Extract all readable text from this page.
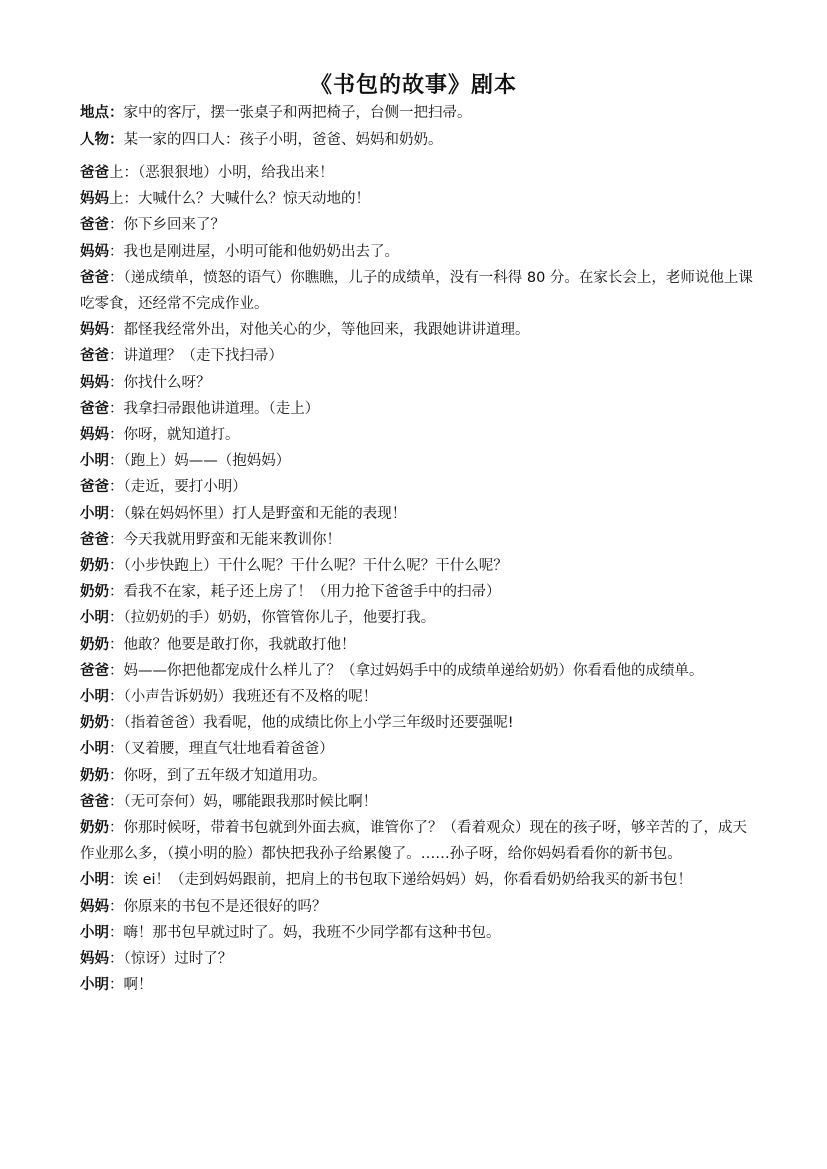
《书包的故事》剧本
地点：家中的客厅，摆一张桌子和两把椅子，台侧一把扫帚。
人物：某一家的四口人：孩子小明，爸爸、妈妈和奶奶。

爸爸上：（恶狠狠地）小明，给我出来！

妈妈上：大喊什么？大喊什么？惊天动地的！

爸爸：你下乡回来了？

妈妈：我也是刚进屋，小明可能和他奶奶出去了。

爸爸：（递成绩单，愤怒的语气）你瞧瞧，儿子的成绩单，没有一科得 80 分。在家长会上，老师说他上课吃零食，还经常不完成作业。

妈妈：都怪我经常外出，对他关心的少，等他回来，我跟她讲讲道理。

爸爸：讲道理？（走下找扫帚）

妈妈：你找什么呀？

爸爸：我拿扫帚跟他讲道理。（走上）

妈妈：你呀，就知道打。

小明：（跑上）妈——（抱妈妈）

爸爸：（走近，要打小明）

小明：（躲在妈妈怀里）打人是野蛮和无能的表现！

爸爸：今天我就用野蛮和无能来教训你！

奶奶：（小步快跑上）干什么呢？干什么呢？干什么呢？干什么呢？

奶奶：看我不在家，耗子还上房了！（用力抢下爸爸手中的扫帚）

小明：（拉奶奶的手）奶奶，你管管你儿子，他要打我。

奶奶：他敢？他要是敢打你，我就敢打他！

爸爸：妈——你把他都宠成什么样儿了？（拿过妈妈手中的成绩单递给奶奶）你看看他的成绩单。

小明：（小声告诉奶奶）我班还有不及格的呢！

奶奶：（指着爸爸）我看呢，他的成绩比你上小学三年级时还要强呢!

小明：（叉着腰，理直气壮地看着爸爸）

奶奶：你呀，到了五年级才知道用功。

爸爸：（无可奈何）妈，哪能跟我那时候比啊！

奶奶：你那时候呀，带着书包就到外面去疯，谁管你了？（看着观众）现在的孩子呀，够辛苦的了，成天作业那么多，（摸小明的脸）都快把我孙子给累傻了。……孙子呀，给你妈妈看看你的新书包。

小明：诶 ei！（走到妈妈跟前，把肩上的书包取下递给妈妈）妈，你看看奶奶给我买的新书包！

妈妈：你原来的书包不是还很好的吗？

小明：嗨！那书包早就过时了。妈，我班不少同学都有这种书包。

妈妈：（惊讶）过时了？

小明：啊！
